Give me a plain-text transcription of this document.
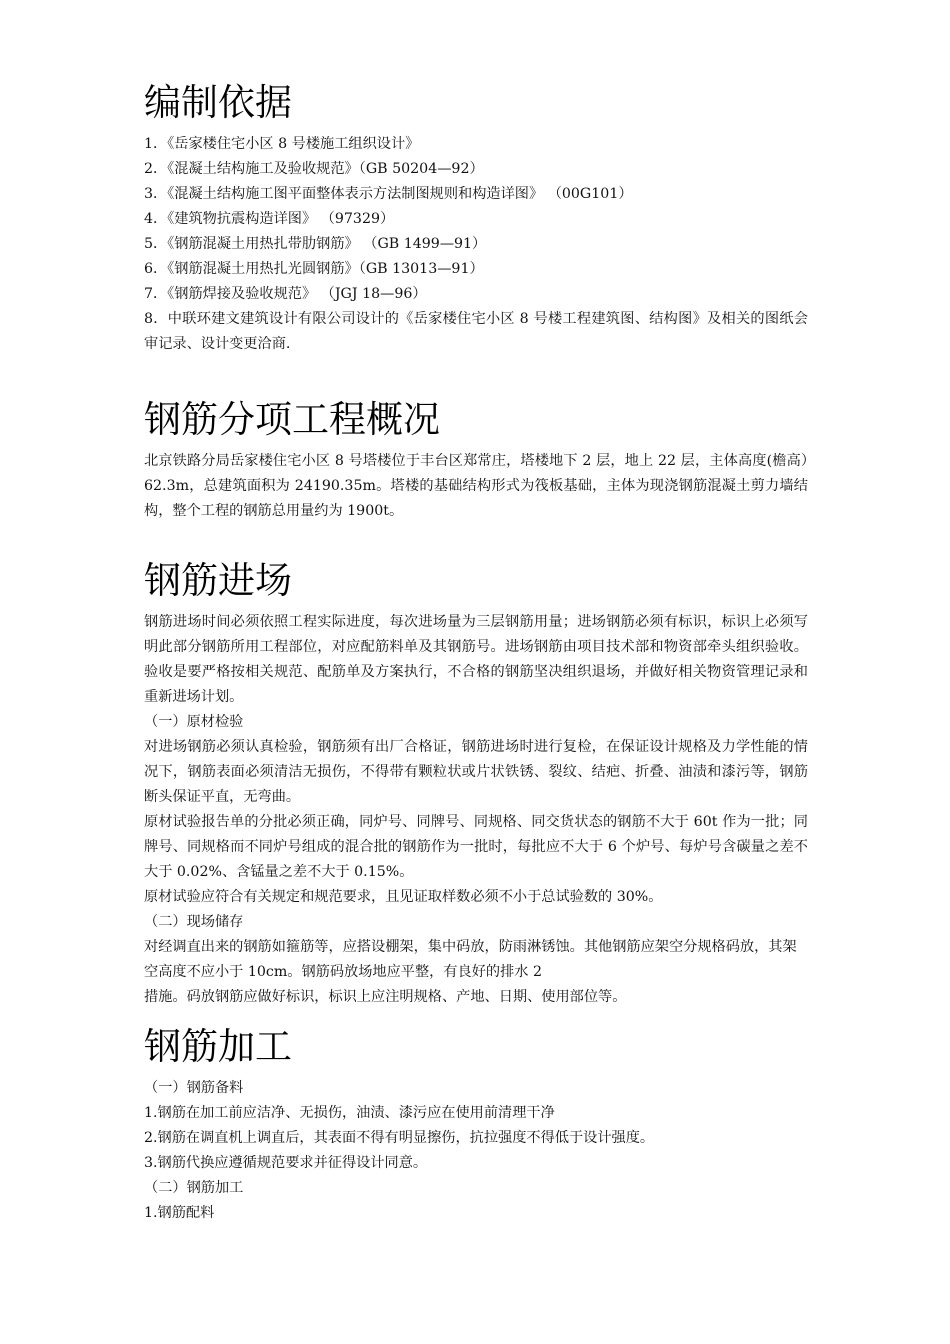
编制依据

1．《岳家楼住宅小区 8 号楼施工组织设计》

2．《混凝土结构施工及验收规范》（GB 50204—92）

3．《混凝土结构施工图平面整体表示方法制图规则和构造详图》 （00G101）

4．《建筑物抗震构造详图》 （97329）

5．《钢筋混凝土用热扎带肋钢筋》 （GB 1499—91）

6．《钢筋混凝土用热扎光圆钢筋》（GB 13013—91）

7．《钢筋焊接及验收规范》 （JGJ 18—96）

8．中联环建文建筑设计有限公司设计的《岳家楼住宅小区 8 号楼工程建筑图、结构图》及相关的图纸会审记录、设计变更洽商.

钢筋分项工程概况

北京铁路分局岳家楼住宅小区 8 号塔楼位于丰台区郑常庄，塔楼地下 2 层，地上 22 层，主体高度(檐高）62.3m，总建筑面积为 24190.35m。塔楼的基础结构形式为筏板基础，主体为现浇钢筋混凝土剪力墙结构，整个工程的钢筋总用量约为 1900t。

钢筋进场

钢筋进场时间必须依照工程实际进度，每次进场量为三层钢筋用量；进场钢筋必须有标识，标识上必须写明此部分钢筋所用工程部位，对应配筋料单及其钢筋号。进场钢筋由项目技术部和物资部牵头组织验收。验收是要严格按相关规范、配筋单及方案执行，不合格的钢筋坚决组织退场，并做好相关物资管理记录和重新进场计划。

（一）原材检验

对进场钢筋必须认真检验，钢筋须有出厂合格证，钢筋进场时进行复检，在保证设计规格及力学性能的情况下，钢筋表面必须清洁无损伤，不得带有颗粒状或片状铁锈、裂纹、结疤、折叠、油渍和漆污等，钢筋断头保证平直，无弯曲。

原材试验报告单的分批必须正确，同炉号、同牌号、同规格、同交货状态的钢筋不大于 60t 作为一批；同牌号、同规格而不同炉号组成的混合批的钢筋作为一批时，每批应不大于 6 个炉号、每炉号含碳量之差不大于 0.02%、含锰量之差不大于 0.15%。

原材试验应符合有关规定和规范要求，且见证取样数必须不小于总试验数的 30%。

（二）现场储存

对经调直出来的钢筋如箍筋等，应搭设棚架，集中码放，防雨淋锈蚀。其他钢筋应架空分规格码放，其架空高度不应小于 10cm。钢筋码放场地应平整，有良好的排水 2

措施。码放钢筋应做好标识，标识上应注明规格、产地、日期、使用部位等。

钢筋加工

（一）钢筋备料

1.钢筋在加工前应洁净、无损伤，油渍、漆污应在使用前清理干净

2.钢筋在调直机上调直后，其表面不得有明显擦伤，抗拉强度不得低于设计强度。

3.钢筋代换应遵循规范要求并征得设计同意。

（二）钢筋加工

1.钢筋配料
